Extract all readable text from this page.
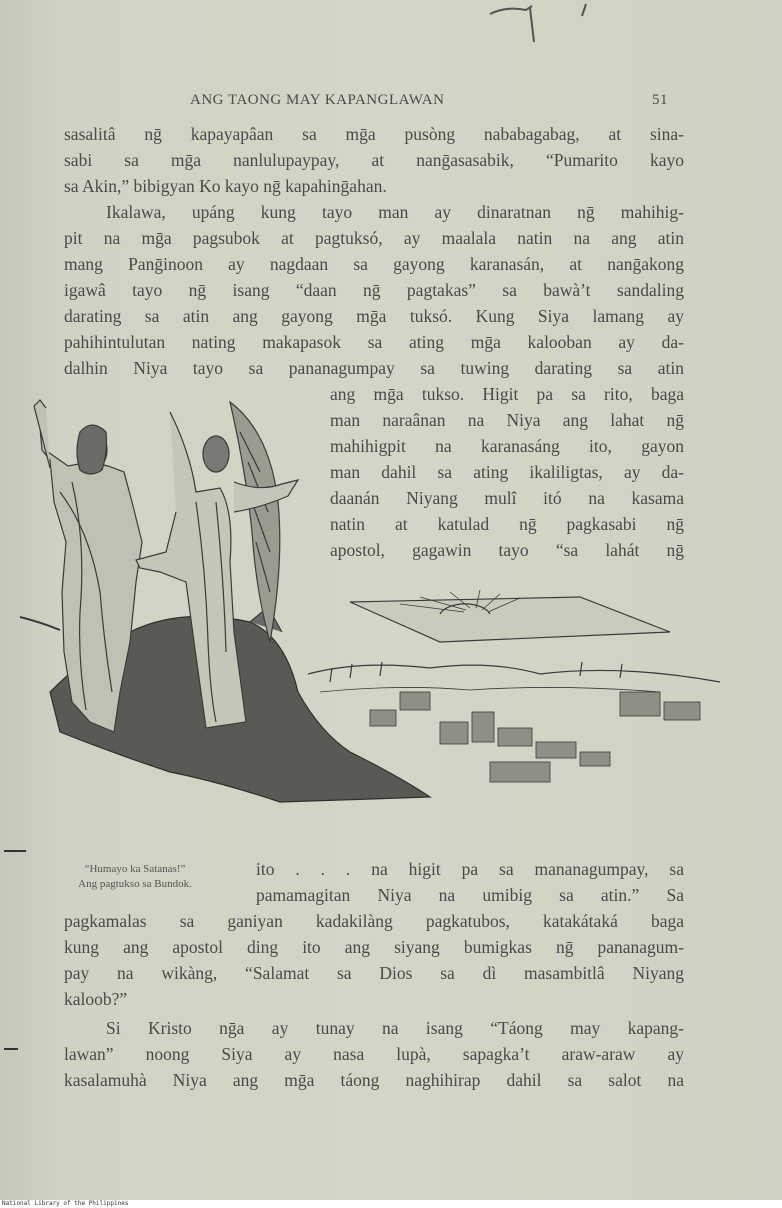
ANG TAONG MAY KAPANGLAWAN	51
sasalitâ nḡ kapayapâan sa mḡa pusòng nababagabag, at sina-
sabi sa mḡa nanlulupaypay, at nanḡasasabik, “Pumarito kayo
sa Akin,” bibigyan Ko kayo nḡ kapahinḡahan.
Ikalawa, upáng kung tayo man ay dinaratnan nḡ mahihig-
pit na mḡa pagsubok at pagtuksó, ay maalala natin na ang atin
mang Panḡinoon ay nagdaan sa gayong karanasán, at nanḡakong
igawâ tayo nḡ isang “daan nḡ pagtakas” sa bawà’t sandaling
darating sa atin ang gayong mḡa tuksó. Kung Siya lamang ay
pahihintulutan nating makapasok sa ating mḡa kalooban ay da-
dalhin Niya tayo sa pananagumpay sa tuwing darating sa atin
ang mḡa tukso. Higit pa sa rito, baga
man naraânan na Niya ang lahat nḡ
mahihigpit na karanasáng ito, gayon
man dahil sa ating ikaliligtas, ay da-
daanán Niyang mulî itó na kasama
natin at katulad nḡ pagkasabi nḡ
apostol, gagawin tayo “sa lahát nḡ
“Humayo ka Satanas!”
Ang pagtukso sa Bundok.
ito . . . na higit pa sa mananagumpay, sa
pamamagitan Niya na umibig sa atin.” Sa
pagkamalas sa ganiyan kadakilàng pagkatubos, katakátaká baga
kung ang apostol ding ito ang siyang bumigkas nḡ pananagum-
pay na wikàng, “Salamat sa Dios sa dì masambitlâ Niyang
kaloob?”
Si Kristo nḡa ay tunay na isang “Táong may kapang-
lawan” noong Siya ay nasa lupà, sapagka’t araw-araw ay
kasalamuhà Niya ang mḡa táong naghihirap dahil sa salot na
National Library of the Philippines
